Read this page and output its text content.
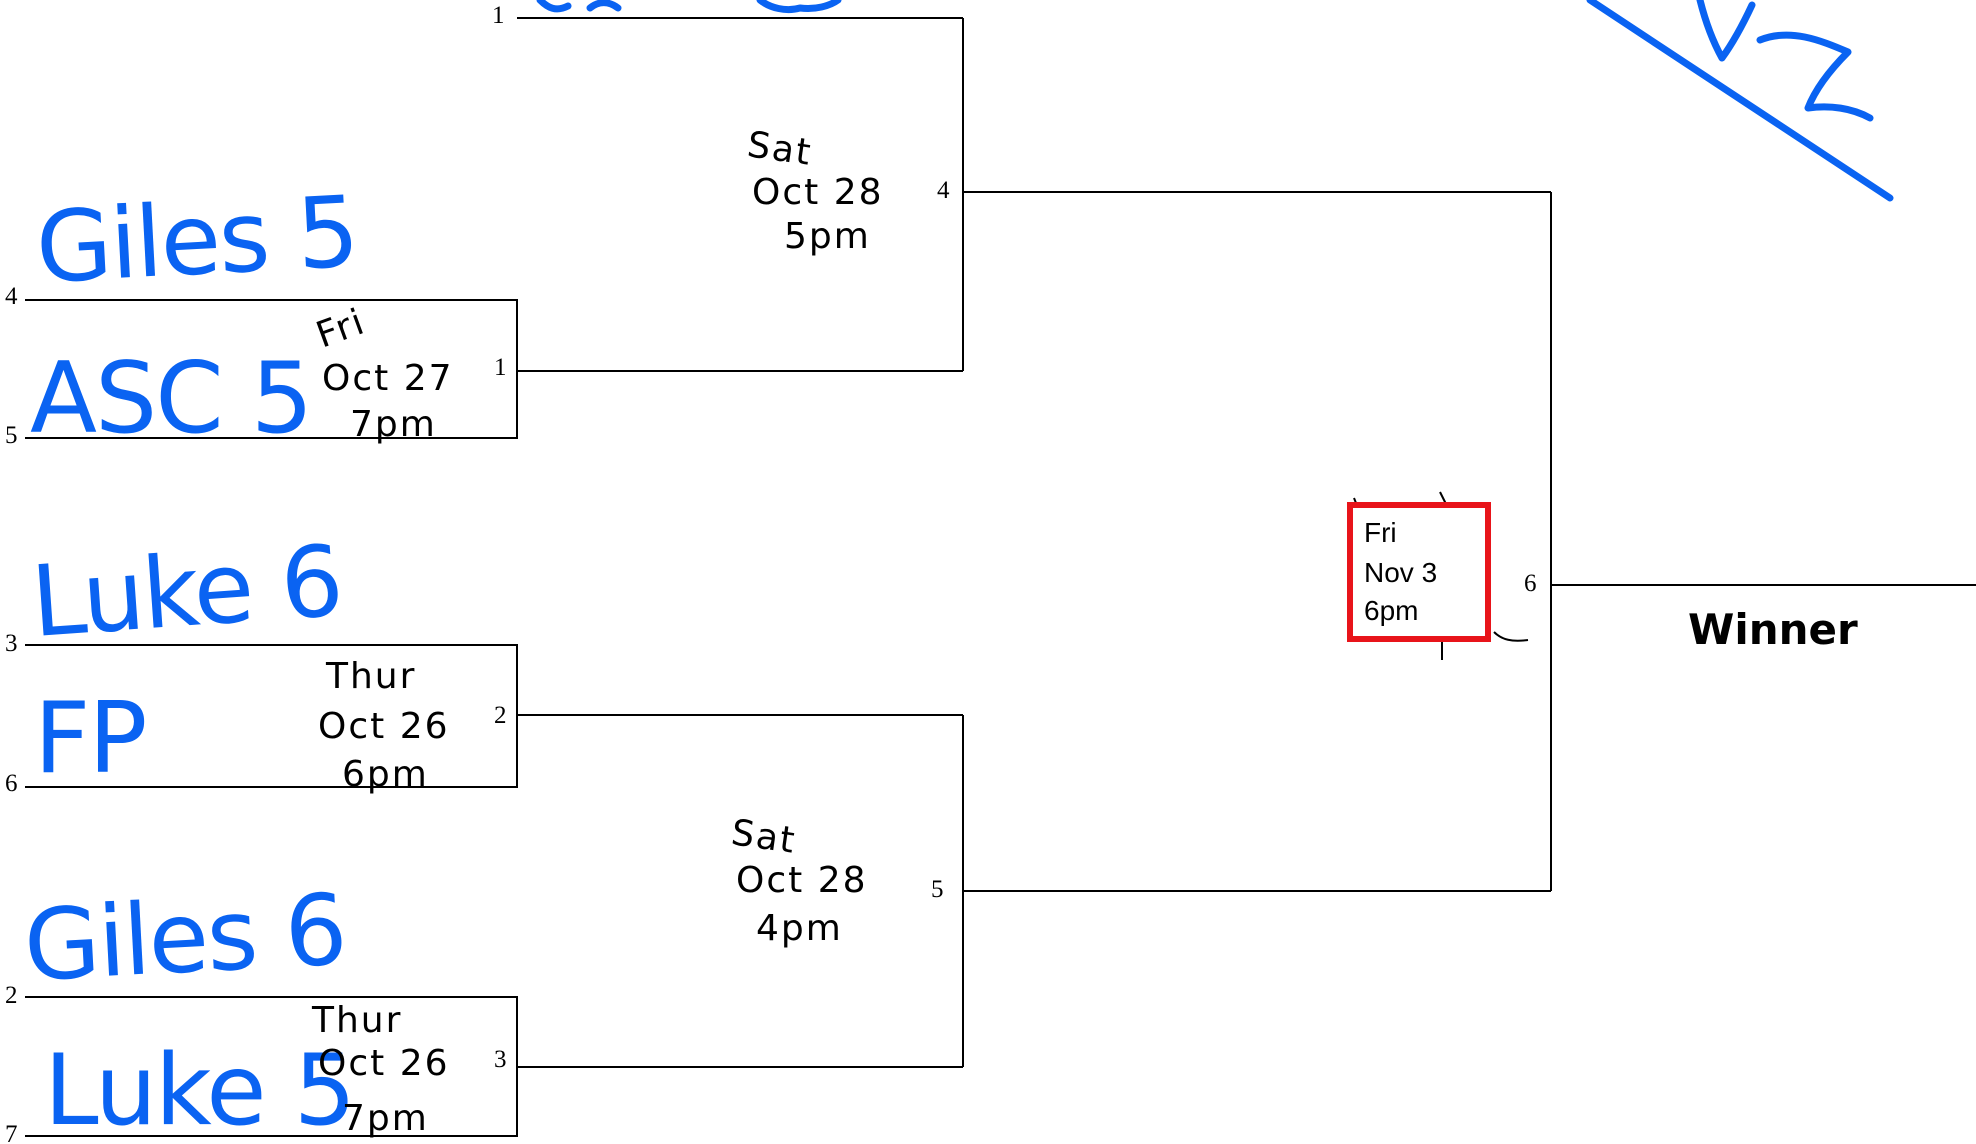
1
4
5
3
6
2
7
1
2
3
4
5
6
Giles 5
ASC 5
Luke 6
FP
Giles 6
Luke 5
Fri
Oct 27
7pm
Thur
Oct 26
6pm
Thur
Oct 26
7pm
Sat
Oct 28
5pm
Sat
Oct 28
4pm
Fri
Nov 3
6pm	Winner
